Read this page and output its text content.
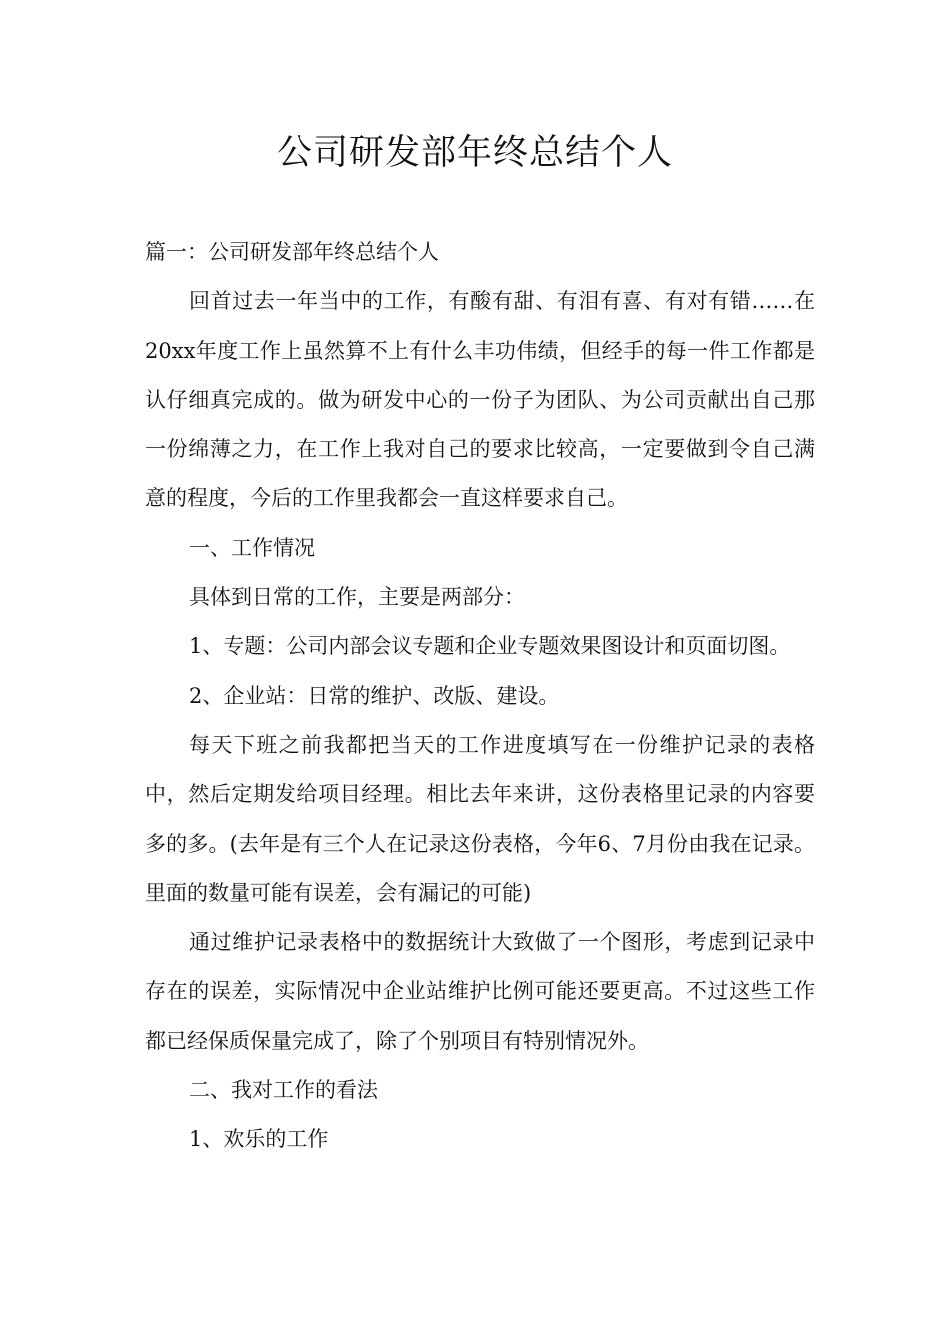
公司研发部年终总结个人

篇一：公司研发部年终总结个人

回首过去一年当中的工作，有酸有甜、有泪有喜、有对有错……在20xx年度工作上虽然算不上有什么丰功伟绩，但经手的每一件工作都是认仔细真完成的。做为研发中心的一份子为团队、为公司贡献出自己那一份绵薄之力，在工作上我对自己的要求比较高，一定要做到令自己满意的程度，今后的工作里我都会一直这样要求自己。

一、工作情况

具体到日常的工作，主要是两部分：

1、专题：公司内部会议专题和企业专题效果图设计和页面切图。

2、企业站：日常的维护、改版、建设。

每天下班之前我都把当天的工作进度填写在一份维护记录的表格中，然后定期发给项目经理。相比去年来讲，这份表格里记录的内容要多的多。(去年是有三个人在记录这份表格，今年6、7月份由我在记录。里面的数量可能有误差，会有漏记的可能)

通过维护记录表格中的数据统计大致做了一个图形，考虑到记录中存在的误差，实际情况中企业站维护比例可能还要更高。不过这些工作都已经保质保量完成了，除了个别项目有特别情况外。

二、我对工作的看法

1、欢乐的工作
